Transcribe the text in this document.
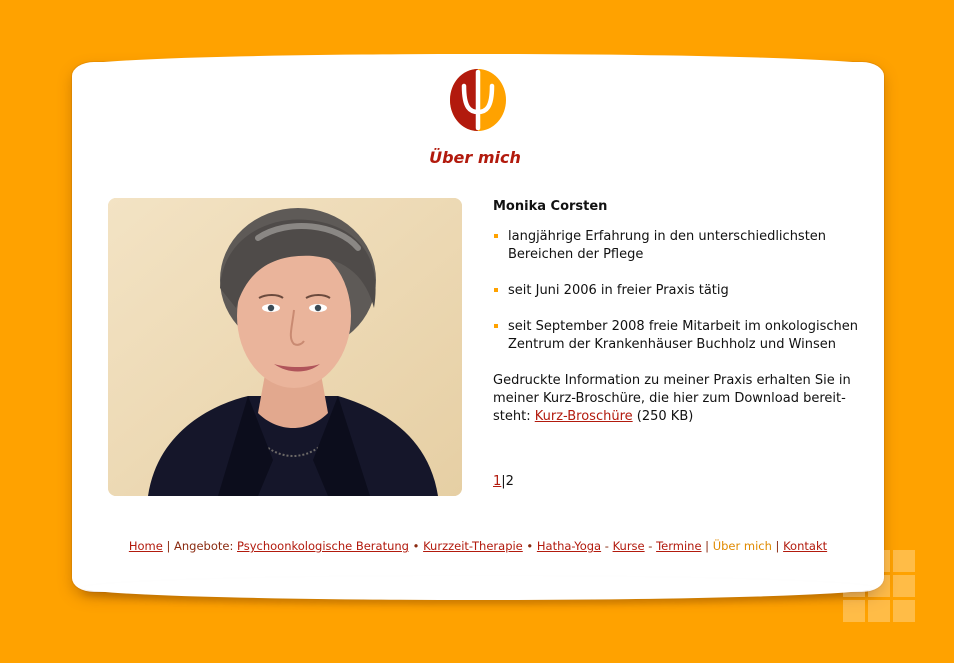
Über mich

Monika Corsten

langjährige Erfahrung in den unterschiedlichsten Bereichen der Pflege
seit Juni 2006 in freier Praxis tätig
seit September 2008 freie Mitarbeit im onkologischen Zentrum der Krankenhäuser Buchholz und Winsen

Gedruckte Information zu meiner Praxis erhalten Sie in meiner Kurz-Broschüre, die hier zum Download bereit-steht: Kurz-Broschüre (250 KB)

1|2
Home | Angebote: Psychoonkologische Beratung • Kurzzeit-Therapie • Hatha-Yoga - Kurse - Termine | Über mich | Kontakt
